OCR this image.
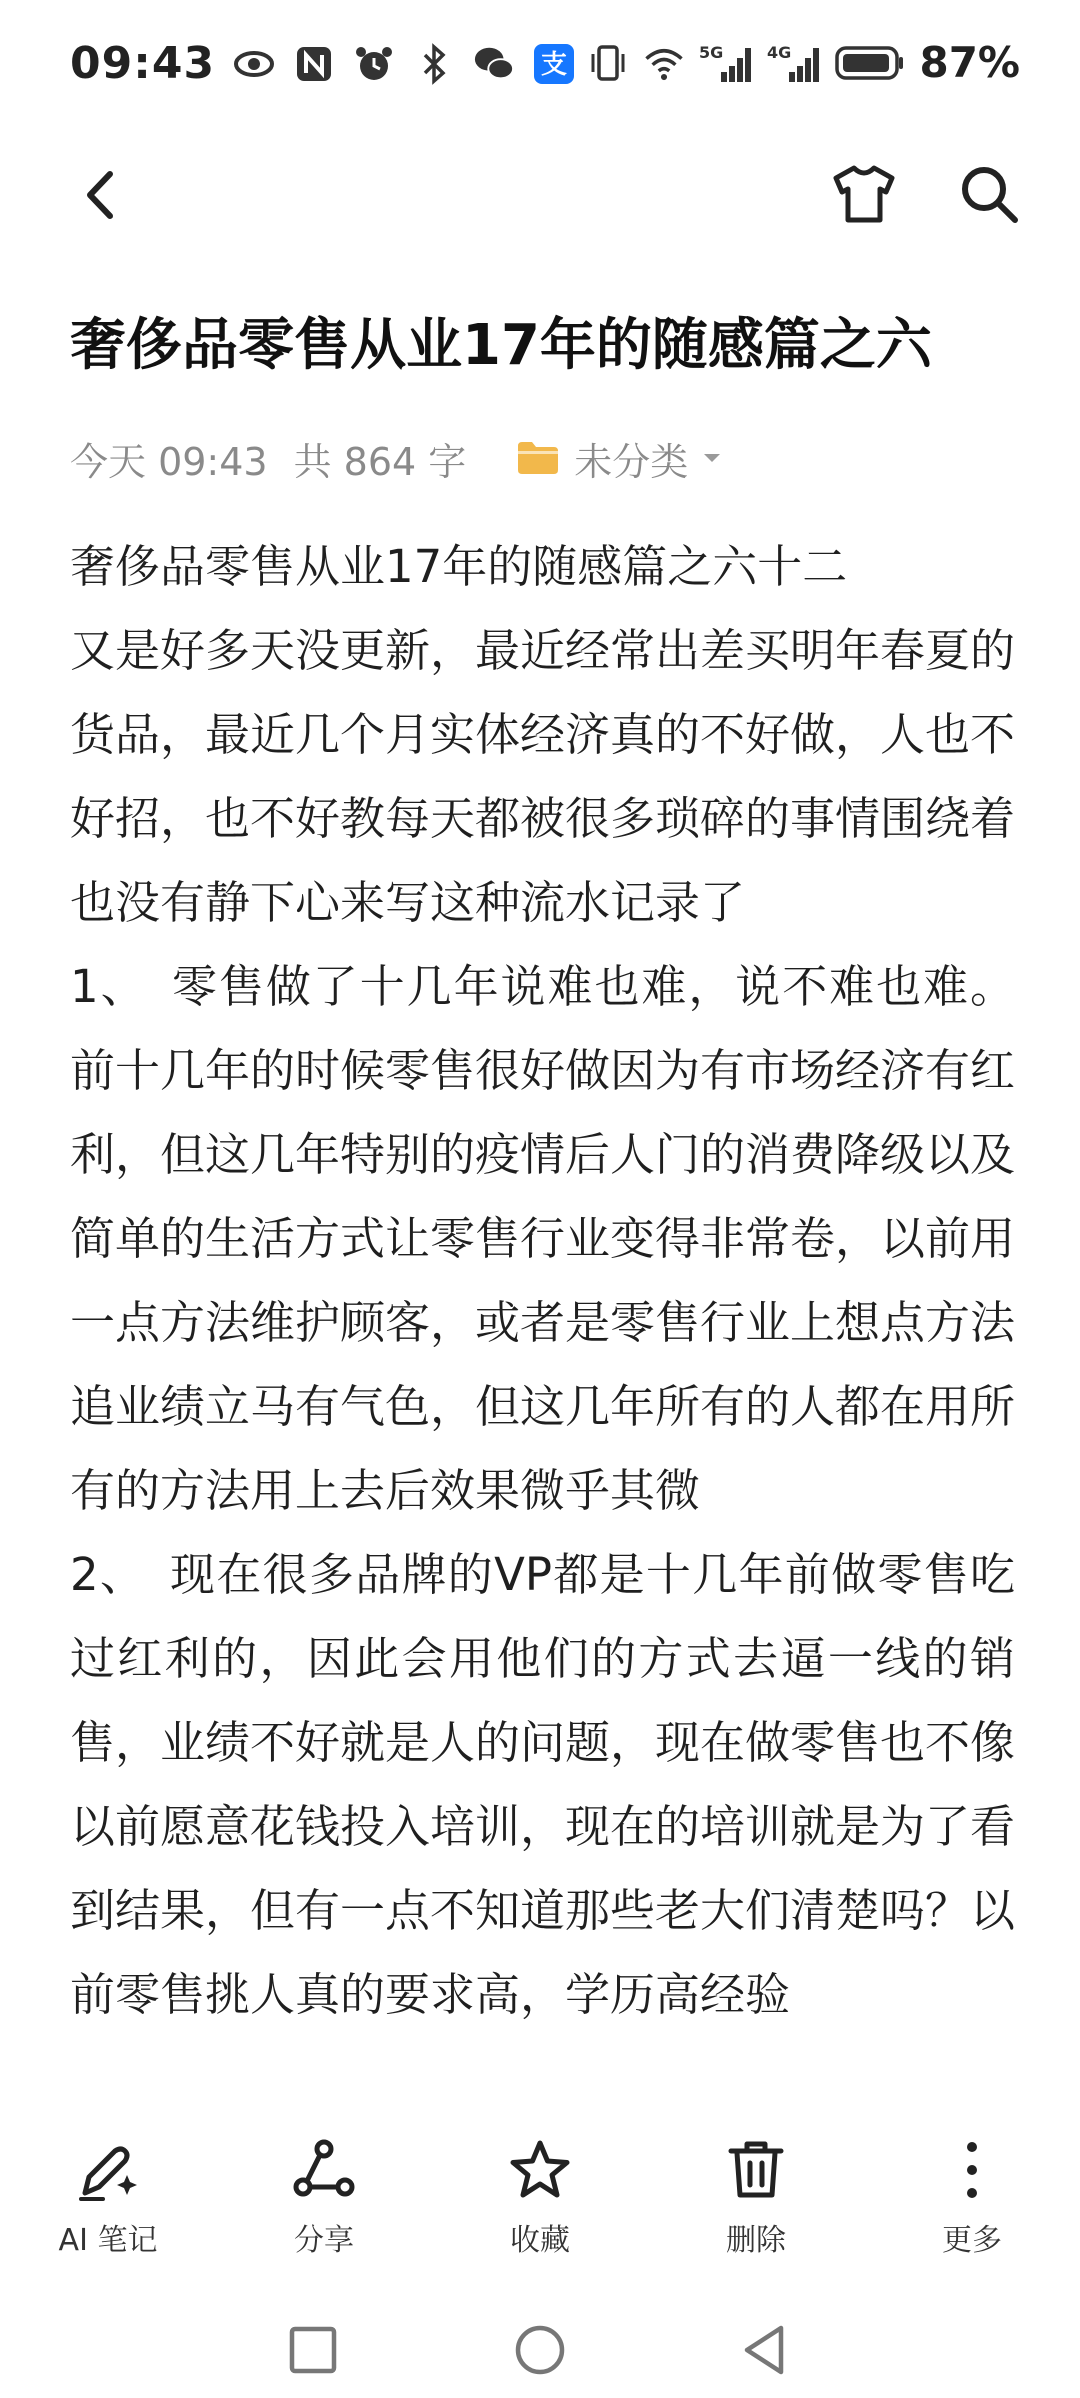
09:43	支	5G	4G	87%
奢侈品零售从业17年的随感篇之六
今天 09:43 共 864 字	未分类

奢侈品零售从业17年的随感篇之六十二

又是好多天没更新，最近经常出差买明年春夏的货品，最近几个月实体经济真的不好做，人也不好招，也不好教每天都被很多琐碎的事情围绕着也没有静下心来写这种流水记录了

1、　零售做了十几年说难也难，说不难也难。前十几年的时候零售很好做因为有市场经济有红利，但这几年特别的疫情后人门的消费降级以及简单的生活方式让零售行业变得非常卷，以前用一点方法维护顾客，或者是零售行业上想点方法追业绩立马有气色，但这几年所有的人都在用所有的方法用上去后效果微乎其微

2、　现在很多品牌的VP都是十几年前做零售吃过红利的，因此会用他们的方式去逼一线的销售，业绩不好就是人的问题，现在做零售也不像以前愿意花钱投入培训，现在的培训就是为了看到结果，但有一点不知道那些老大们清楚吗？以前零售挑人真的要求高，学历高经验

AI 笔记	分享	收藏	删除	更多
